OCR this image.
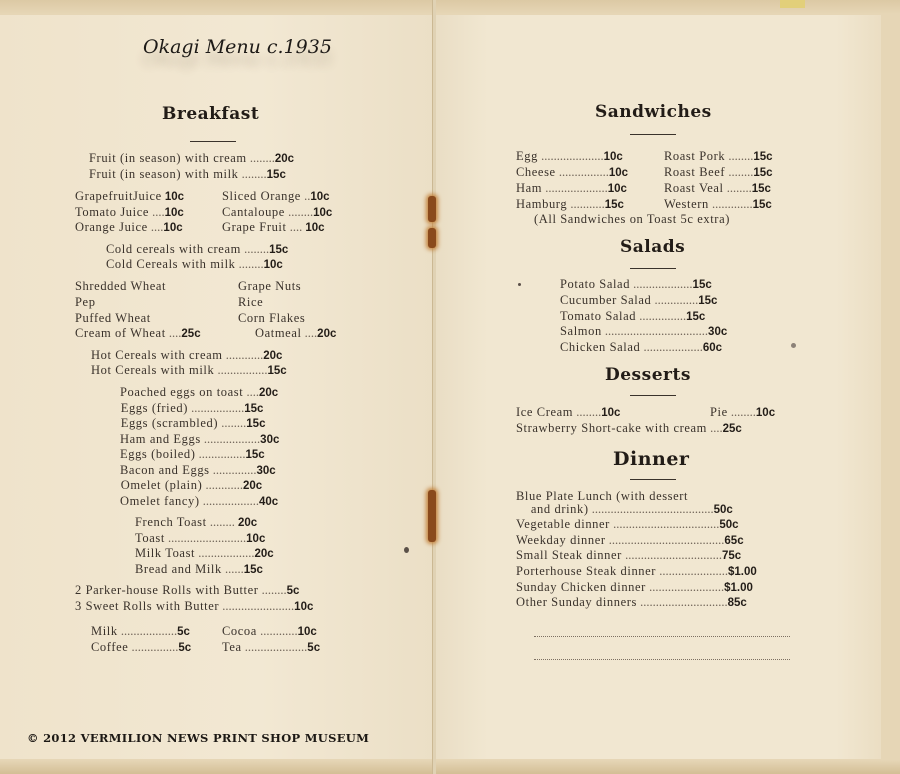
Okagi Menu c.1935
Breakfast
Fruit (in season) with cream ........20c
Fruit (in season) with milk ........15c
GrapefruitJuice 10c
Tomato Juice ....10c
Orange Juice ....10c
Sliced Orange ..10c
Cantaloupe ........10c
Grape Fruit .... 10c
Cold cereals with cream ........15c
Cold Cereals with milk ........10c
Shredded Wheat
Pep
Puffed Wheat
Grape Nuts
Rice
Corn Flakes
Cream of Wheat ....25c	Oatmeal ....20c
Hot Cereals with cream ............20c
Hot Cereals with milk ................15c
Poached eggs on toast ....20c
Eggs (fried) .................15c
Eggs (scrambled) ........15c
Ham and Eggs ..................30c
Eggs (boiled) ...............15c
Bacon and Eggs ..............30c
Omelet (plain) ............20c
Omelet fancy) ..................40c
French Toast ........ 20c
Toast .........................10c
Milk Toast ..................20c
Bread and Milk ......15c
2 Parker-house Rolls with Butter ........5c
3 Sweet Rolls with Butter .......................10c
Milk ..................5c
Coffee ...............5c
Cocoa ............10c
Tea ....................5c
© 2012 VERMILION NEWS PRINT SHOP MUSEUM
Sandwiches
Egg ....................10c
Cheese ................10c
Ham ....................10c
Hamburg ...........15c
Roast Pork ........15c
Roast Beef ........15c
Roast Veal ........15c
Western .............15c
(All Sandwiches on Toast 5c extra)
Salads
Potato Salad ...................15c
Cucumber Salad ..............15c
Tomato Salad ...............15c
Salmon .................................30c
Chicken Salad ...................60c
Desserts
Ice Cream ........10c	Pie ........10c
Strawberry Short-cake with cream ....25c
Dinner
Blue Plate Lunch (with dessert
and drink) .......................................50c
Vegetable dinner ..................................50c
Weekday dinner .....................................65c
Small Steak dinner ...............................75c
Porterhouse Steak dinner ......................$1.00
Sunday Chicken dinner ........................$1.00
Other Sunday dinners ............................85c
